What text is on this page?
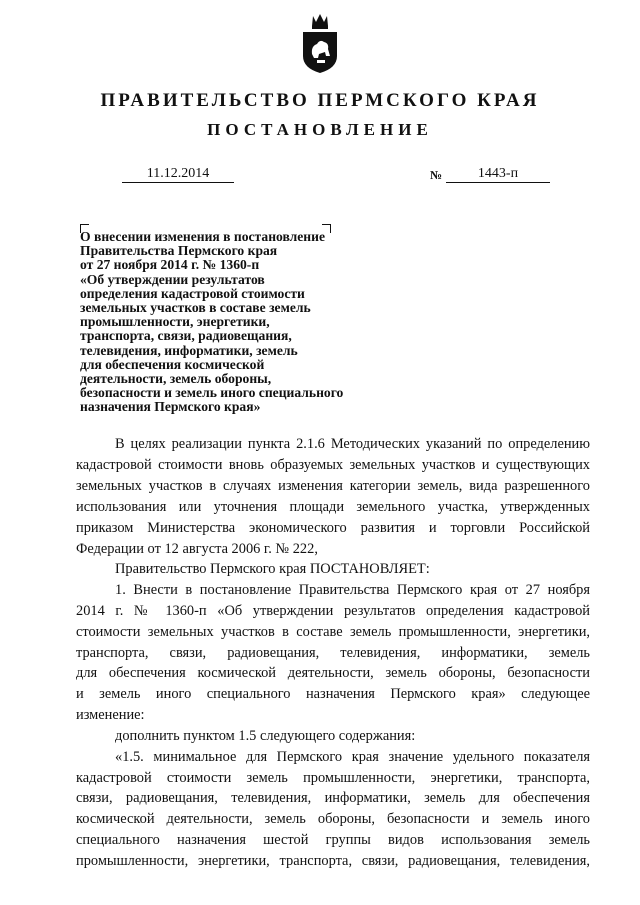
ПРАВИТЕЛЬСТВО ПЕРМСКОГО КРАЯ
ПОСТАНОВЛЕНИЕ
11.12.2014	№	1443-п
О внесении изменения в постановление
Правительства Пермского края
от 27 ноября 2014 г. № 1360-п
«Об утверждении результатов
определения кадастровой стоимости
земельных участков в составе земель
промышленности, энергетики,
транспорта, связи, радиовещания,
телевидения, информатики, земель
для обеспечения космической
деятельности, земель обороны,
безопасности и земель иного специального
назначения Пермского края»
В целях реализации пункта 2.1.6 Методических указаний по определению
кадастровой стоимости вновь образуемых земельных участков и существующих
земельных участков в случаях изменения категории земель, вида разрешенного
использования или уточнения площади земельного участка, утвержденных
приказом Министерства экономического развития и торговли Российской
Федерации от 12 августа 2006 г. № 222,
Правительство Пермского края ПОСТАНОВЛЯЕТ:
1. Внести в постановление Правительства Пермского края от 27 ноября
2014 г. № 1360-п «Об утверждении результатов определения кадастровой
стоимости земельных участков в составе земель промышленности, энергетики,
транспорта, связи, радиовещания, телевидения, информатики, земель
для обеспечения космической деятельности, земель обороны, безопасности
и земель иного специального назначения Пермского края» следующее
изменение:
дополнить пунктом 1.5 следующего содержания:
«1.5. минимальное для Пермского края значение удельного показателя
кадастровой стоимости земель промышленности, энергетики, транспорта,
связи, радиовещания, телевидения, информатики, земель для обеспечения
космической деятельности, земель обороны, безопасности и земель иного
специального назначения шестой группы видов использования земель
промышленности, энергетики, транспорта, связи, радиовещания, телевидения,
